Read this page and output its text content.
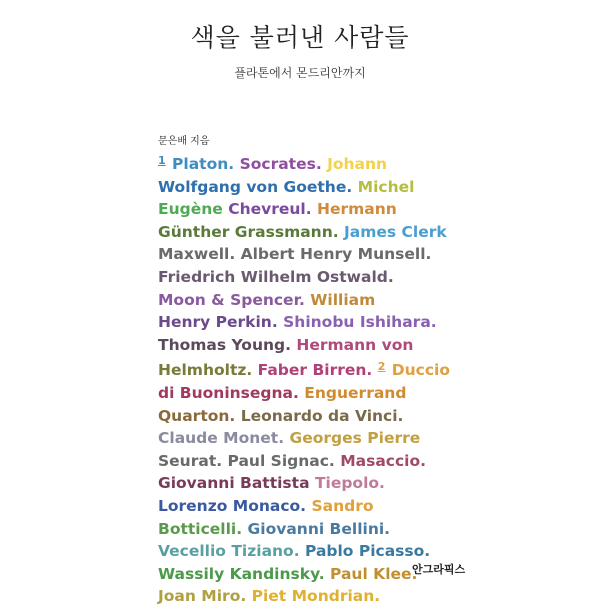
색을 불러낸 사람들
플라톤에서 몬드리안까지
문은배 지음
$^1$ Platon. Socrates. Johann
Wolfgang von Goethe. Michel
Eugène Chevreul. Hermann
Günther Grassmann. James Clerk
Maxwell. Albert Henry Munsell.
Friedrich Wilhelm Ostwald.
Moon & Spencer. William
Henry Perkin. Shinobu Ishihara.
Thomas Young. Hermann von
Helmholtz. Faber Birren. $^2$ Duccio
di Buoninsegna. Enguerrand
Quarton. Leonardo da Vinci.
Claude Monet. Georges Pierre
Seurat. Paul Signac. Masaccio.
Giovanni Battista Tiepolo.
Lorenzo Monaco. Sandro
Botticelli. Giovanni Bellini.
Vecellio Tiziano. Pablo Picasso.
Wassily Kandinsky. Paul Klee.
Joan Miro. Piet Mondrian.
안그라픽스
